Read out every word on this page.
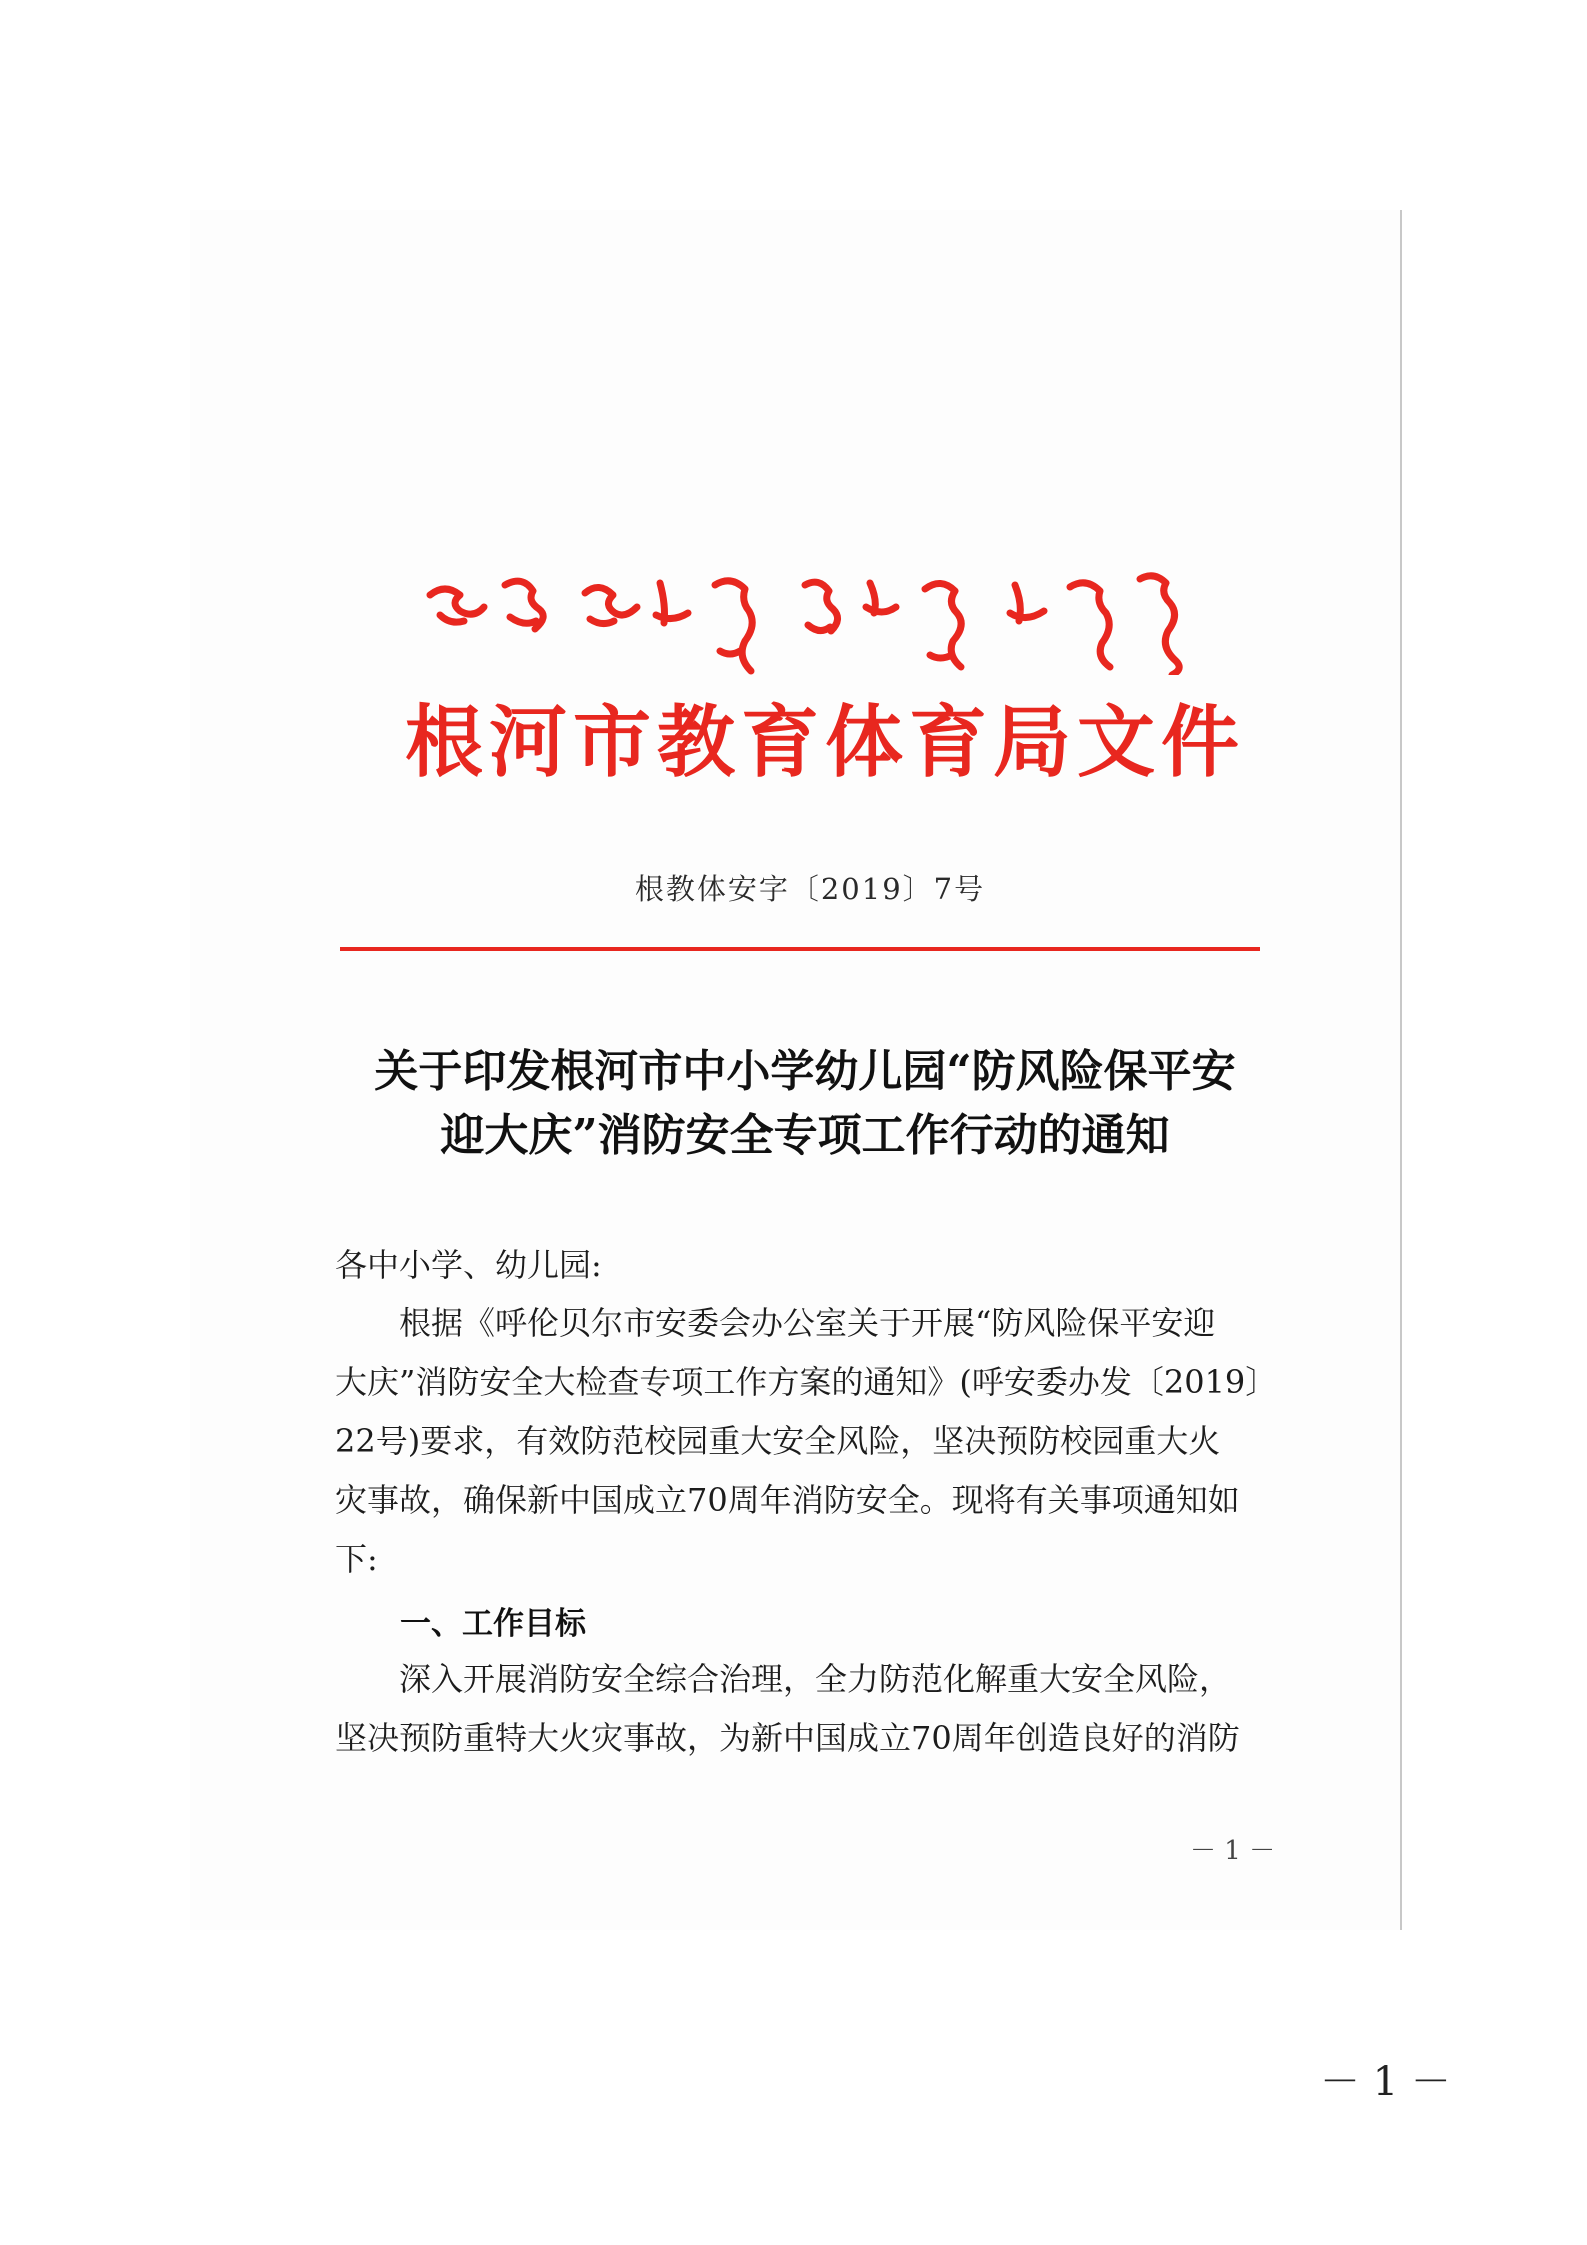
根河市教育体育局文件
根教体安字〔2019〕7号
关于印发根河市中小学幼儿园“防风险保平安
迎大庆”消防安全专项工作行动的通知
各中小学、幼儿园:
根据《呼伦贝尔市安委会办公室关于开展“防风险保平安迎
大庆”消防安全大检查专项工作方案的通知》(呼安委办发〔2019〕
22号)要求，有效防范校园重大安全风险，坚决预防校园重大火
灾事故，确保新中国成立70周年消防安全。现将有关事项通知如
下:
一、工作目标
深入开展消防安全综合治理，全力防范化解重大安全风险，
坚决预防重特大火灾事故，为新中国成立70周年创造良好的消防
－ 1 －
－ 1 －
